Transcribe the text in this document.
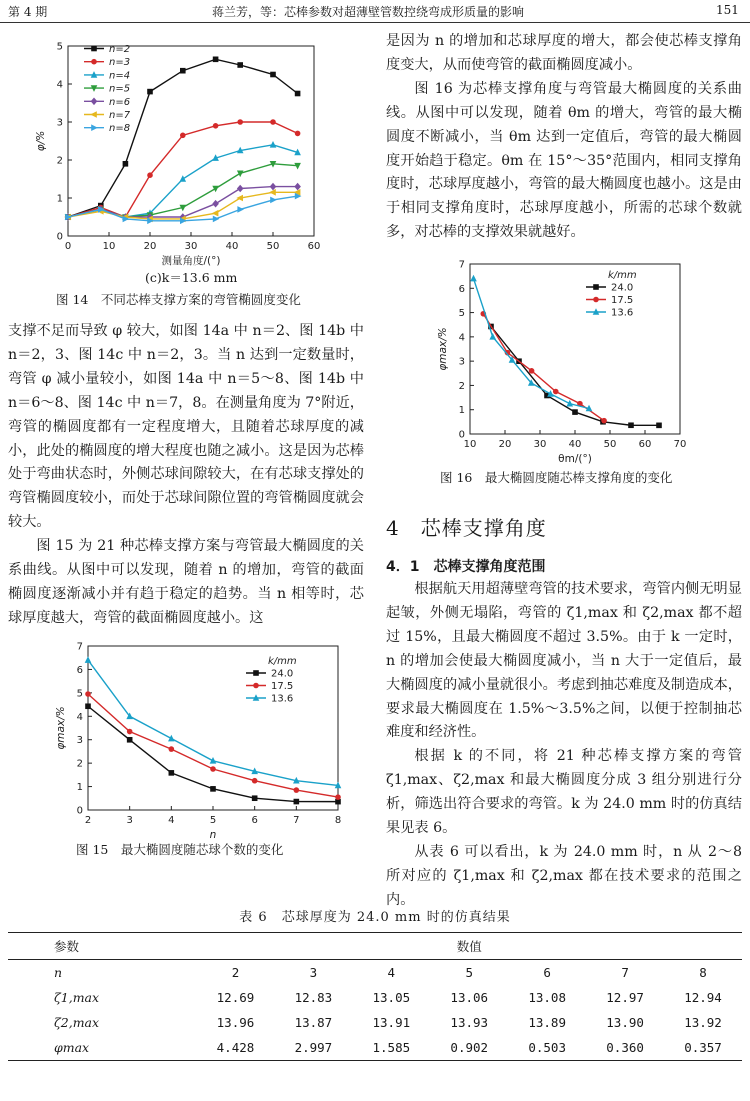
第 4 期	蒋兰芳，等：芯棒参数对超薄壁管数控绕弯成形质量的影响	151
0	10	20	30	40	50	60
0
1
2
3
4
5
测量角度/(°)
φ/%
n=2
n=3
n=4
n=5
n=6
n=7
n=8
(c)k＝13.6 mm
图 14　不同芯棒支撑方案的弯管椭圆度变化

支撑不足而导致 φ 较大，如图 14a 中 n＝2、图 14b 中 n＝2，3、图 14c 中 n＝2，3。当 n 达到一定数量时，弯管 φ 减小量较小，如图 14a 中 n＝5～8、图 14b 中 n＝6～8、图 14c 中 n＝7，8。在测量角度为 7°附近，弯管的椭圆度都有一定程度增大，且随着芯球厚度的减小，此处的椭圆度的增大程度也随之减小。这是因为芯棒处于弯曲状态时，外侧芯球间隙较大，在有芯球支撑处的弯管椭圆度较小，而处于芯球间隙位置的弯管椭圆度就会较大。

图 15 为 21 种芯棒支撑方案与弯管最大椭圆度的关系曲线。从图中可以发现，随着 n 的增加，弯管的截面椭圆度逐渐减小并有趋于稳定的趋势。当 n 相等时，芯球厚度越大，弯管的截面椭圆度越小。这

2	3	4	5	6	7	8
0
1
2
3
4
5
6
7
n
φmax/%
k/mm
24.0
17.5
13.6
图 15　最大椭圆度随芯球个数的变化

是因为 n 的增加和芯球厚度的增大，都会使芯棒支撑角度变大，从而使弯管的截面椭圆度减小。

图 16 为芯棒支撑角度与弯管最大椭圆度的关系曲线。从图中可以发现，随着 θm 的增大，弯管的最大椭圆度不断减小，当 θm 达到一定值后，弯管的最大椭圆度开始趋于稳定。θm 在 15°～35°范围内，相同支撑角度时，芯球厚度越小，弯管的最大椭圆度也越小。这是由于相同支撑角度时，芯球厚度越小，所需的芯球个数就多，对芯棒的支撑效果就越好。

10 20 30 40 50 60 70
0
1
2
3
4
5
6
7
θm/(°)
φmax/%
k/mm
24.0
17.5
13.6
图 16　最大椭圆度随芯棒支撑角度的变化
4　芯棒支撑角度
4．1　芯棒支撑角度范围

根据航天用超薄壁弯管的技术要求，弯管内侧无明显起皱，外侧无塌陷，弯管的 ζ1,max 和 ζ2,max 都不超过 15%，且最大椭圆度不超过 3.5%。由于 k 一定时，n 的增加会使最大椭圆度减小，当 n 大于一定值后，最大椭圆度的减小量就很小。考虑到抽芯难度及制造成本，要求最大椭圆度在 1.5%～3.5%之间，以便于控制抽芯难度和经济性。

根据 k 的不同，将 21 种芯棒支撑方案的弯管 ζ1,max、ζ2,max 和最大椭圆度分成 3 组分别进行分析，筛选出符合要求的弯管。k 为 24.0 mm 时的仿真结果见表 6。

从表 6 可以看出，k 为 24.0 mm 时，n 从 2～8 所对应的 ζ1,max 和 ζ2,max 都在技术要求的范围之内。

表 6　芯球厚度为 24.0 mm 时的仿真结果
参数	数值						
n	2	3	4	5	6	7	8
ζ1,max	12.69	12.83	13.05	13.06	13.08	12.97	12.94
ζ2,max	13.96	13.87	13.91	13.93	13.89	13.90	13.92
φmax	4.428	2.997	1.585	0.902	0.503	0.360	0.357
